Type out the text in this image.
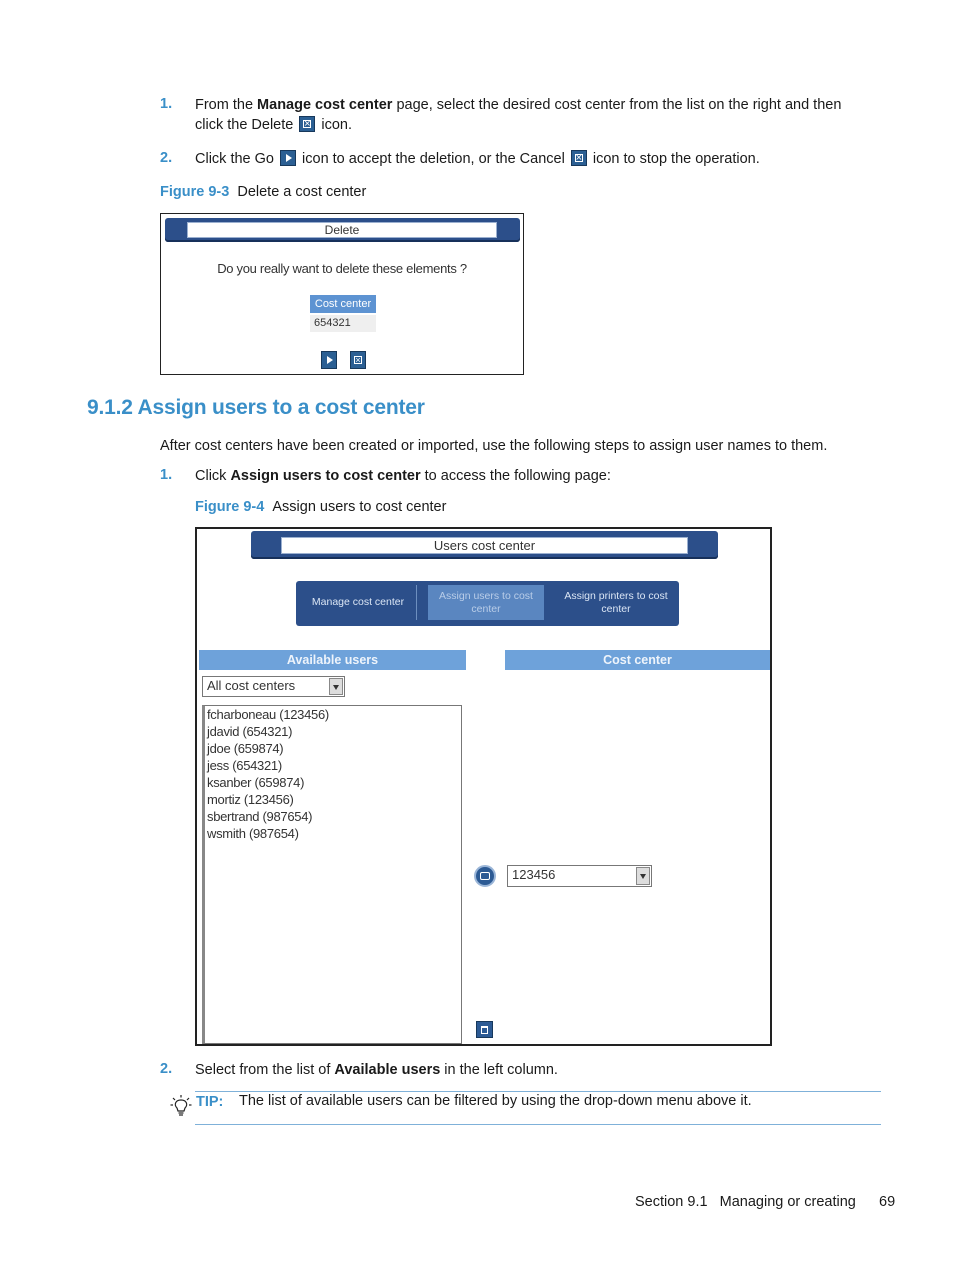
1. From the Manage cost center page, select the desired cost center from the list on the right and then
click the Delete × icon.
2. Click the Go  icon to accept the deletion, or the Cancel × icon to stop the operation.
Figure 9-3 Delete a cost center
Delete
Do you really want to delete these elements ?
Cost center
654321
×
9.1.2 Assign users to a cost center
After cost centers have been created or imported, use the following steps to assign user names to them.
1. Click Assign users to cost center to access the following page:
Figure 9-4 Assign users to cost center
Users cost center
Manage cost center
Assign users to cost center
Assign printers to cost center
Available users	Cost center
All cost centers
fcharboneau (123456)
jdavid (654321)
jdoe (659874)
jess (654321)
ksanber (659874)
mortiz (123456)
sbertrand (987654)
wsmith (987654)
123456
2. Select from the list of Available users in the left column.
TIP: The list of available users can be filtered by using the drop-down menu above it.
Section 9.1   Managing or creating 69
